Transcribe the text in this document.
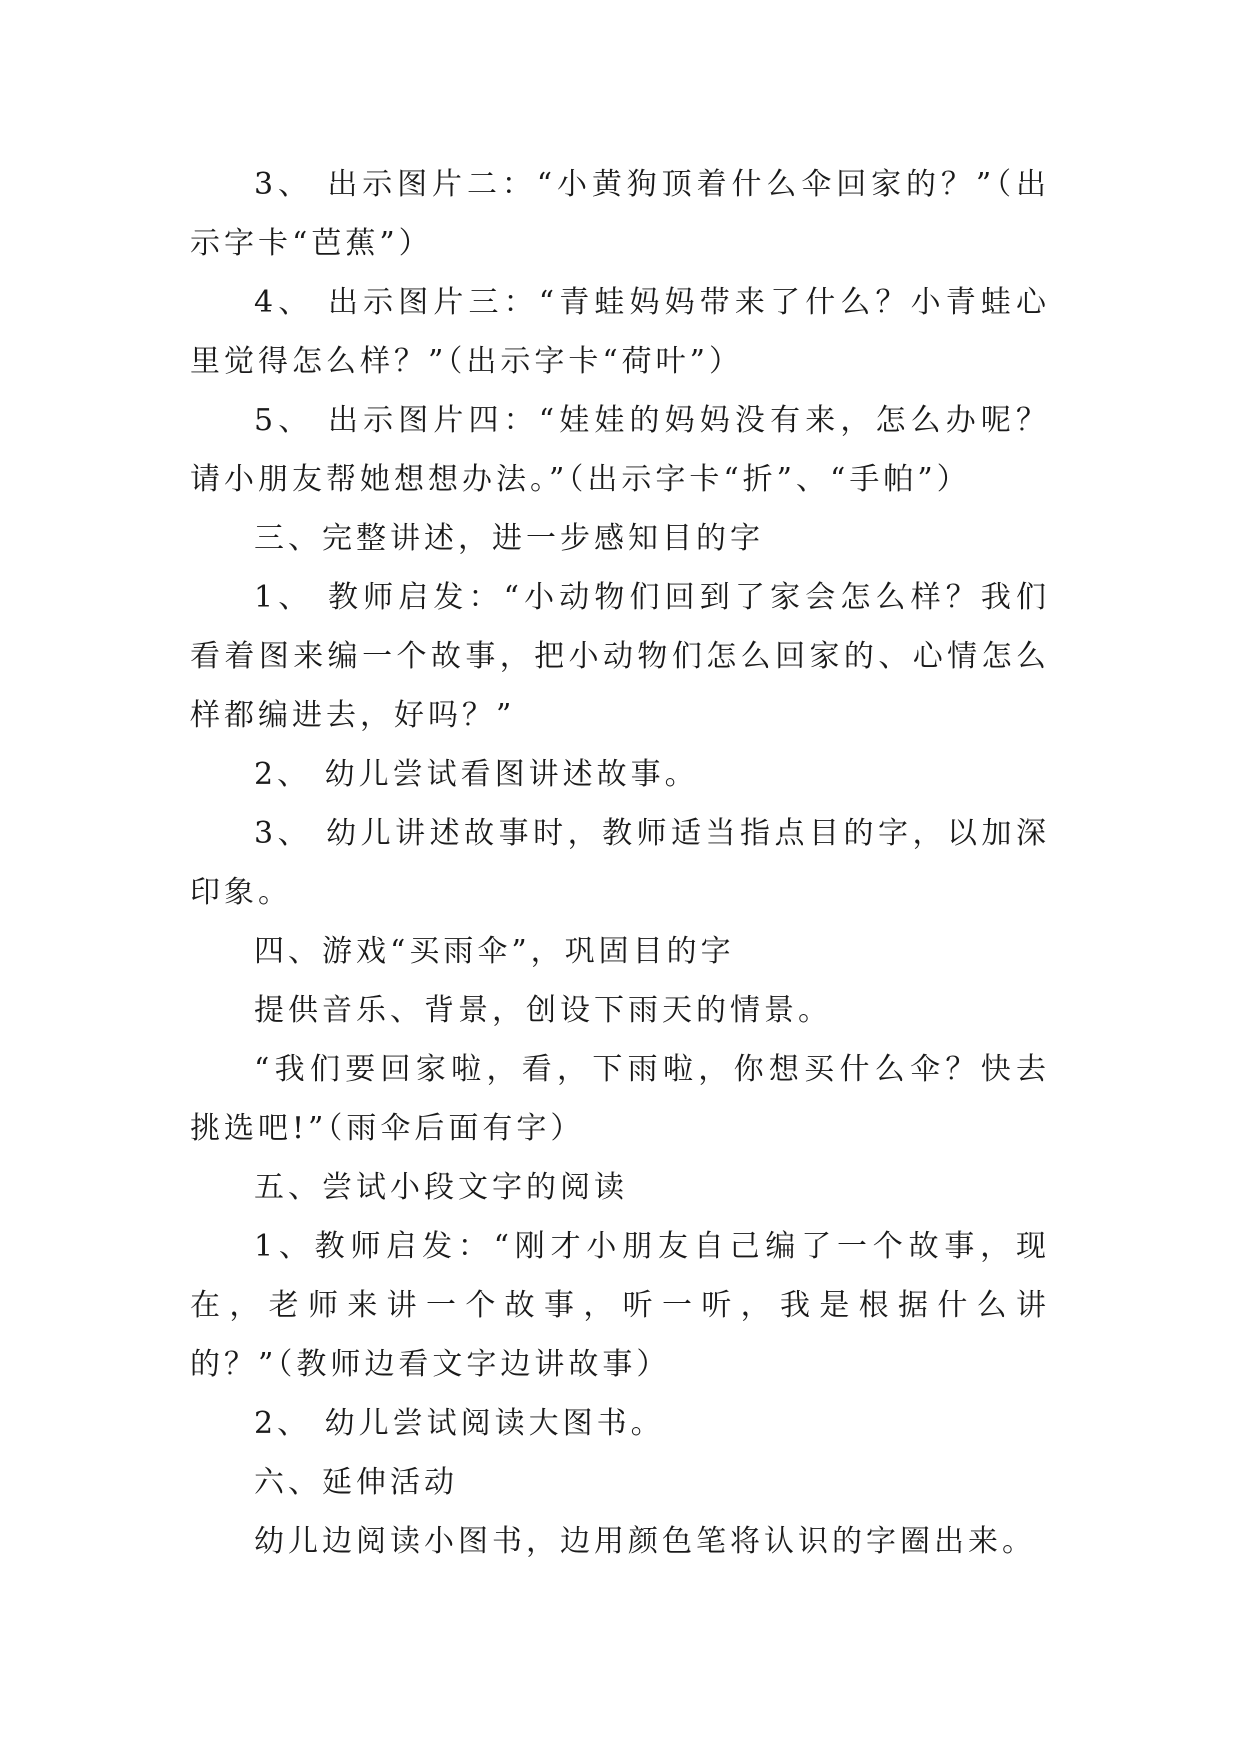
3、 出示图片二：“小黄狗顶着什么伞回家的？”（出示字卡“芭蕉”）

4、 出示图片三：“青蛙妈妈带来了什么？小青蛙心里觉得怎么样？”（出示字卡“荷叶”）

5、 出示图片四：“娃娃的妈妈没有来，怎么办呢？请小朋友帮她想想办法。”（出示字卡“折”、“手帕”）

三、完整讲述，进一步感知目的字

1、 教师启发：“小动物们回到了家会怎么样？我们看着图来编一个故事，把小动物们怎么回家的、心情怎么样都编进去，好吗？”

2、 幼儿尝试看图讲述故事。

3、 幼儿讲述故事时，教师适当指点目的字，以加深印象。

四、游戏“买雨伞”，巩固目的字

提供音乐、背景，创设下雨天的情景。

“我们要回家啦，看，下雨啦，你想买什么伞？快去挑选吧!”（雨伞后面有字）

五、尝试小段文字的阅读

1、教师启发：“刚才小朋友自己编了一个故事，现在，老师来讲一个故事，听一听，我是根据什么讲的？”（教师边看文字边讲故事）

2、 幼儿尝试阅读大图书。

六、延伸活动

幼儿边阅读小图书，边用颜色笔将认识的字圈出来。
